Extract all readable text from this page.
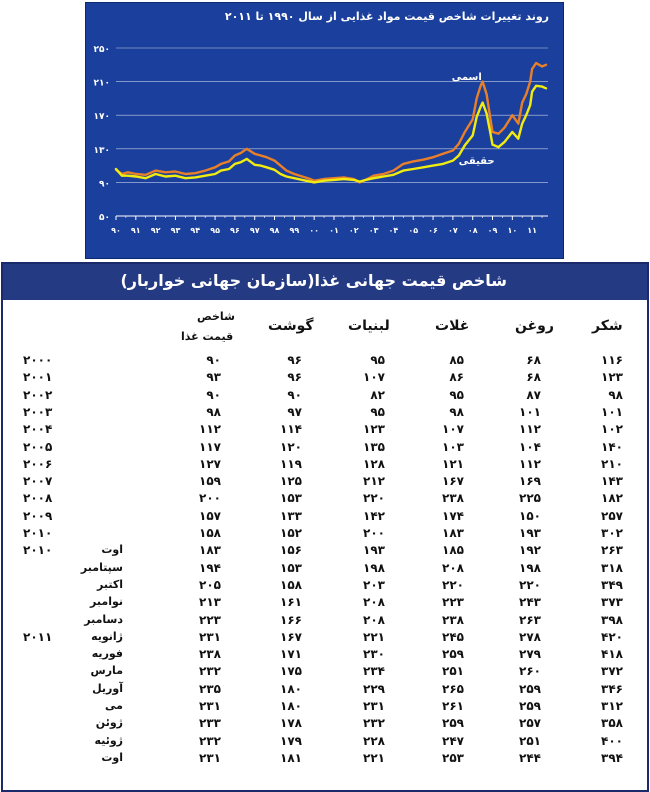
روند تغییرات شاخص قیمت مواد غذایی از سال ۱۹۹۰ تا ۲۰۱۱
۵۰
۹۰
۱۳۰
۱۷۰
۲۱۰
۲۵۰
۹۰ ۹۱ ۹۲ ۹۳ ۹۴ ۹۵ ۹۶ ۹۷ ۹۸ ۹۹ ۰۰ ۰۱ ۰۲ ۰۳ ۰۴ ۰۵ ۰۶ ۰۷ ۰۸ ۰۹ ۱۰ ۱۱
اسمی
حقیقی
شاخص قیمت جهانی غذا(سازمان جهانی خواربار)
شکر
روغن
غلات
لبنیات
گوشت
شاخص
قیمت غذا
۱۱۶
۶۸
۸۵
۹۵
۹۶
۹۰
۲۰۰۰
۱۲۳
۶۸
۸۶
۱۰۷
۹۶
۹۳
۲۰۰۱
۹۸
۸۷
۹۵
۸۲
۹۰
۹۰
۲۰۰۲
۱۰۱
۱۰۱
۹۸
۹۵
۹۷
۹۸
۲۰۰۳
۱۰۲
۱۱۲
۱۰۷
۱۲۳
۱۱۴
۱۱۲
۲۰۰۴
۱۴۰
۱۰۴
۱۰۳
۱۳۵
۱۲۰
۱۱۷
۲۰۰۵
۲۱۰
۱۱۲
۱۲۱
۱۲۸
۱۱۹
۱۲۷
۲۰۰۶
۱۴۳
۱۶۹
۱۶۷
۲۱۲
۱۲۵
۱۵۹
۲۰۰۷
۱۸۲
۲۲۵
۲۳۸
۲۲۰
۱۵۳
۲۰۰
۲۰۰۸
۲۵۷
۱۵۰
۱۷۴
۱۴۲
۱۳۳
۱۵۷
۲۰۰۹
۳۰۲
۱۹۳
۱۸۳
۲۰۰
۱۵۲
۱۵۸
۲۰۱۰
۲۶۳
۱۹۲
۱۸۵
۱۹۳
۱۵۶
۱۸۳
اوت
۲۰۱۰
۳۱۸
۱۹۸
۲۰۸
۱۹۸
۱۵۳
۱۹۴
سپتامبر
۳۴۹
۲۲۰
۲۲۰
۲۰۳
۱۵۸
۲۰۵
اکتبر
۳۷۳
۲۴۳
۲۲۳
۲۰۸
۱۶۱
۲۱۳
نوامبر
۳۹۸
۲۶۳
۲۳۸
۲۰۸
۱۶۶
۲۲۳
دسامبر
۴۲۰
۲۷۸
۲۴۵
۲۲۱
۱۶۷
۲۳۱
ژانویه
۲۰۱۱
۴۱۸
۲۷۹
۲۵۹
۲۳۰
۱۷۱
۲۳۸
فوریه
۳۷۲
۲۶۰
۲۵۱
۲۳۴
۱۷۵
۲۳۲
مارس
۳۴۶
۲۵۹
۲۶۵
۲۲۹
۱۸۰
۲۳۵
آوریل
۳۱۲
۲۵۹
۲۶۱
۲۳۱
۱۸۰
۲۳۱
می
۳۵۸
۲۵۷
۲۵۹
۲۳۲
۱۷۸
۲۳۳
ژوئن
۴۰۰
۲۵۱
۲۴۷
۲۲۸
۱۷۹
۲۳۲
ژوئیه
۳۹۴
۲۴۴
۲۵۳
۲۲۱
۱۸۱
۲۳۱
اوت
